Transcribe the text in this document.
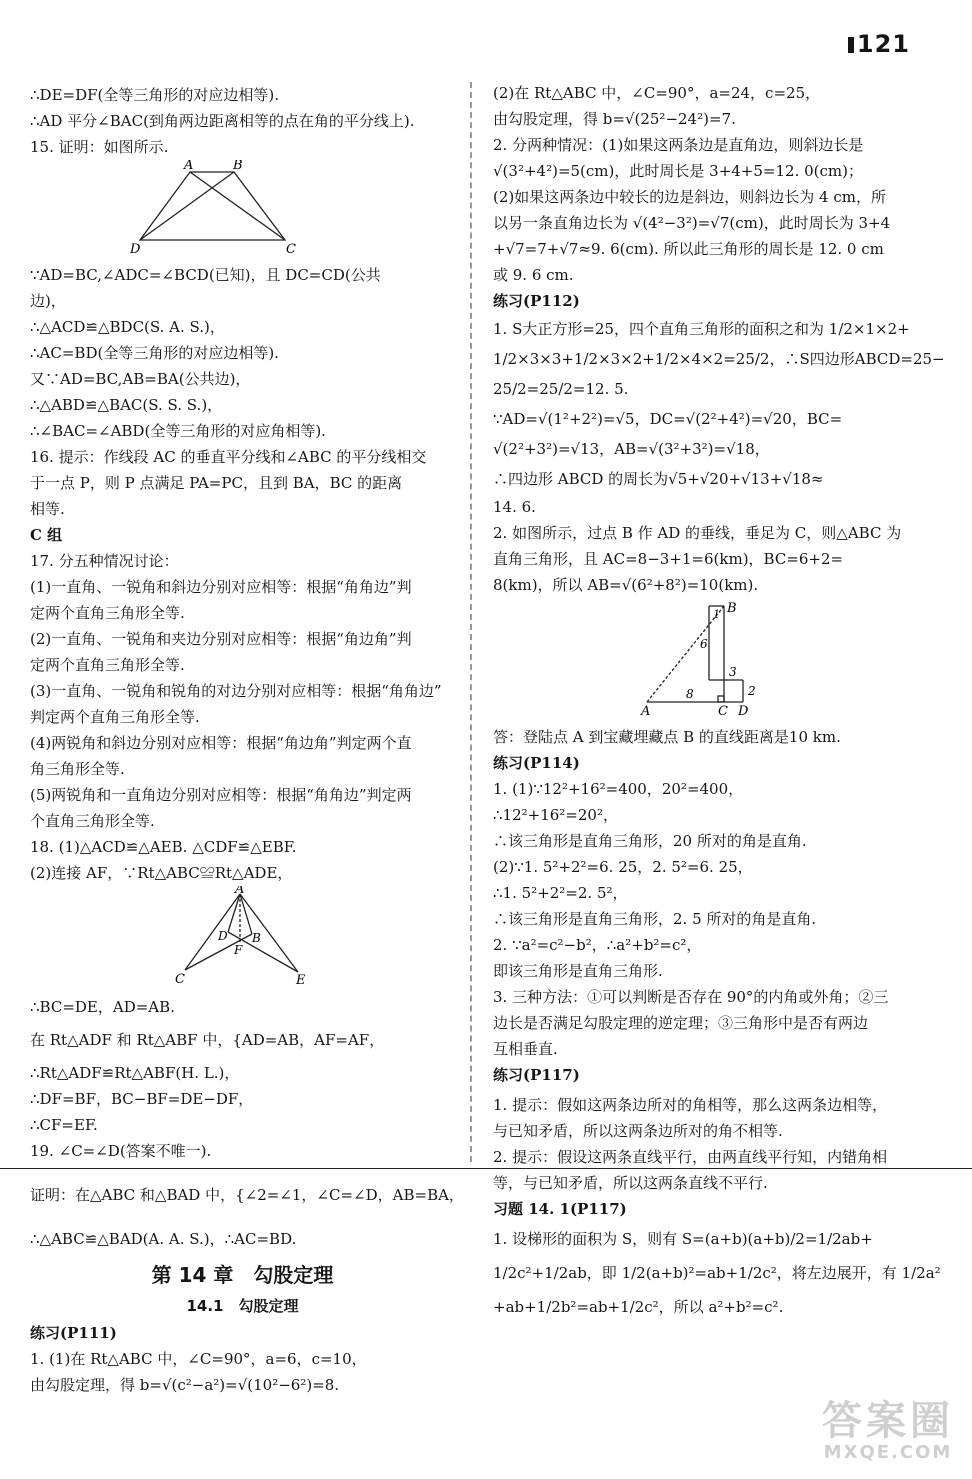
121
∴DE=DF(全等三角形的对应边相等).
∴AD 平分∠BAC(到角两边距离相等的点在角的平分线上).
15. 证明：如图所示.
A	B
D	C
∵AD=BC,∠ADC=∠BCD(已知)，且 DC=CD(公共
边)，
∴△ACD≌△BDC(S. A. S.)，
∴AC=BD(全等三角形的对应边相等).
又∵AD=BC,AB=BA(公共边)，
∴△ABD≌△BAC(S. S. S.)，
∴∠BAC=∠ABD(全等三角形的对应角相等).
16. 提示：作线段 AC 的垂直平分线和∠ABC 的平分线相交
于一点 P，则 P 点满足 PA=PC，且到 BA，BC 的距离
相等.
C 组
17. 分五种情况讨论：
(1)一直角、一锐角和斜边分别对应相等：根据“角角边”判
定两个直角三角形全等.
(2)一直角、一锐角和夹边分别对应相等：根据“角边角”判
定两个直角三角形全等.
(3)一直角、一锐角和锐角的对边分别对应相等：根据“角角边”
判定两个直角三角形全等.
(4)两锐角和斜边分别对应相等：根据“角边角”判定两个直
角三角形全等.
(5)两锐角和一直角边分别对应相等：根据“角角边”判定两
个直角三角形全等.
18. (1)△ACD≌△AEB. △CDF≌△EBF.
(2)连接 AF，∵Rt△ABC≌Rt△ADE，
A
D B
F
C	E
∴BC=DE，AD=AB.
在 Rt△ADF 和 Rt△ABF 中，{AD=AB，AF=AF，
∴Rt△ADF≌Rt△ABF(H. L.)，
∴DF=BF，BC−BF=DE−DF，
∴CF=EF.
19. ∠C=∠D(答案不唯一).
证明：在△ABC 和△BAD 中，{∠2=∠1，∠C=∠D，AB=BA，
∴△ABC≌△BAD(A. A. S.)，∴AC=BD.
第 14 章　勾股定理
14.1　勾股定理
练习(P111)
1. (1)在 Rt△ABC 中，∠C=90°，a=6，c=10，
由勾股定理，得 b=√(c²−a²)=√(10²−6²)=8.
(2)在 Rt△ABC 中，∠C=90°，a=24，c=25，
由勾股定理，得 b=√(25²−24²)=7.
2. 分两种情况：(1)如果这两条边是直角边，则斜边长是
√(3²+4²)=5(cm)，此时周长是 3+4+5=12. 0(cm)；
(2)如果这两条边中较长的边是斜边，则斜边长为 4 cm，所
以另一条直角边长为 √(4²−3²)=√7(cm)，此时周长为 3+4
+√7=7+√7≈9. 6(cm). 所以此三角形的周长是 12. 0 cm
或 9. 6 cm.
练习(P112)
1. S大正方形=25，四个直角三角形的面积之和为 1/2×1×2+
1/2×3×3+1/2×3×2+1/2×4×2=25/2，∴S四边形ABCD=25−
25/2=25/2=12. 5.
∵AD=√(1²+2²)=√5，DC=√(2²+4²)=√20，BC=
√(2²+3²)=√13，AB=√(3²+3²)=√18，
∴四边形 ABCD 的周长为√5+√20+√13+√18≈
14. 6.
2. 如图所示，过点 B 作 AD 的垂线，垂足为 C，则△ABC 为
直角三角形，且 AC=8−3+1=6(km)，BC=6+2=
8(km)，所以 AB=√(6²+8²)=10(km).
B
1
6
3
2
8
A	C D
答：登陆点 A 到宝藏埋藏点 B 的直线距离是10 km.
练习(P114)
1. (1)∵12²+16²=400，20²=400，
∴12²+16²=20²，
∴该三角形是直角三角形，20 所对的角是直角.
(2)∵1. 5²+2²=6. 25，2. 5²=6. 25，
∴1. 5²+2²=2. 5²，
∴该三角形是直角三角形，2. 5 所对的角是直角.
2. ∵a²=c²−b²，∴a²+b²=c²，
即该三角形是直角三角形.
3. 三种方法：①可以判断是否存在 90°的内角或外角；②三
边长是否满足勾股定理的逆定理；③三角形中是否有两边
互相垂直.
练习(P117)
1. 提示：假如这两条边所对的角相等，那么这两条边相等，
与已知矛盾，所以这两条边所对的角不相等.
2. 提示：假设这两条直线平行，由两直线平行知，内错角相
等，与已知矛盾，所以这两条直线不平行.
习题 14. 1(P117)
1. 设梯形的面积为 S，则有 S=(a+b)(a+b)/2=1/2ab+
1/2c²+1/2ab，即 1/2(a+b)²=ab+1/2c²，将左边展开，有 1/2a²
+ab+1/2b²=ab+1/2c²，所以 a²+b²=c².
答案圈
MXQE.COM
